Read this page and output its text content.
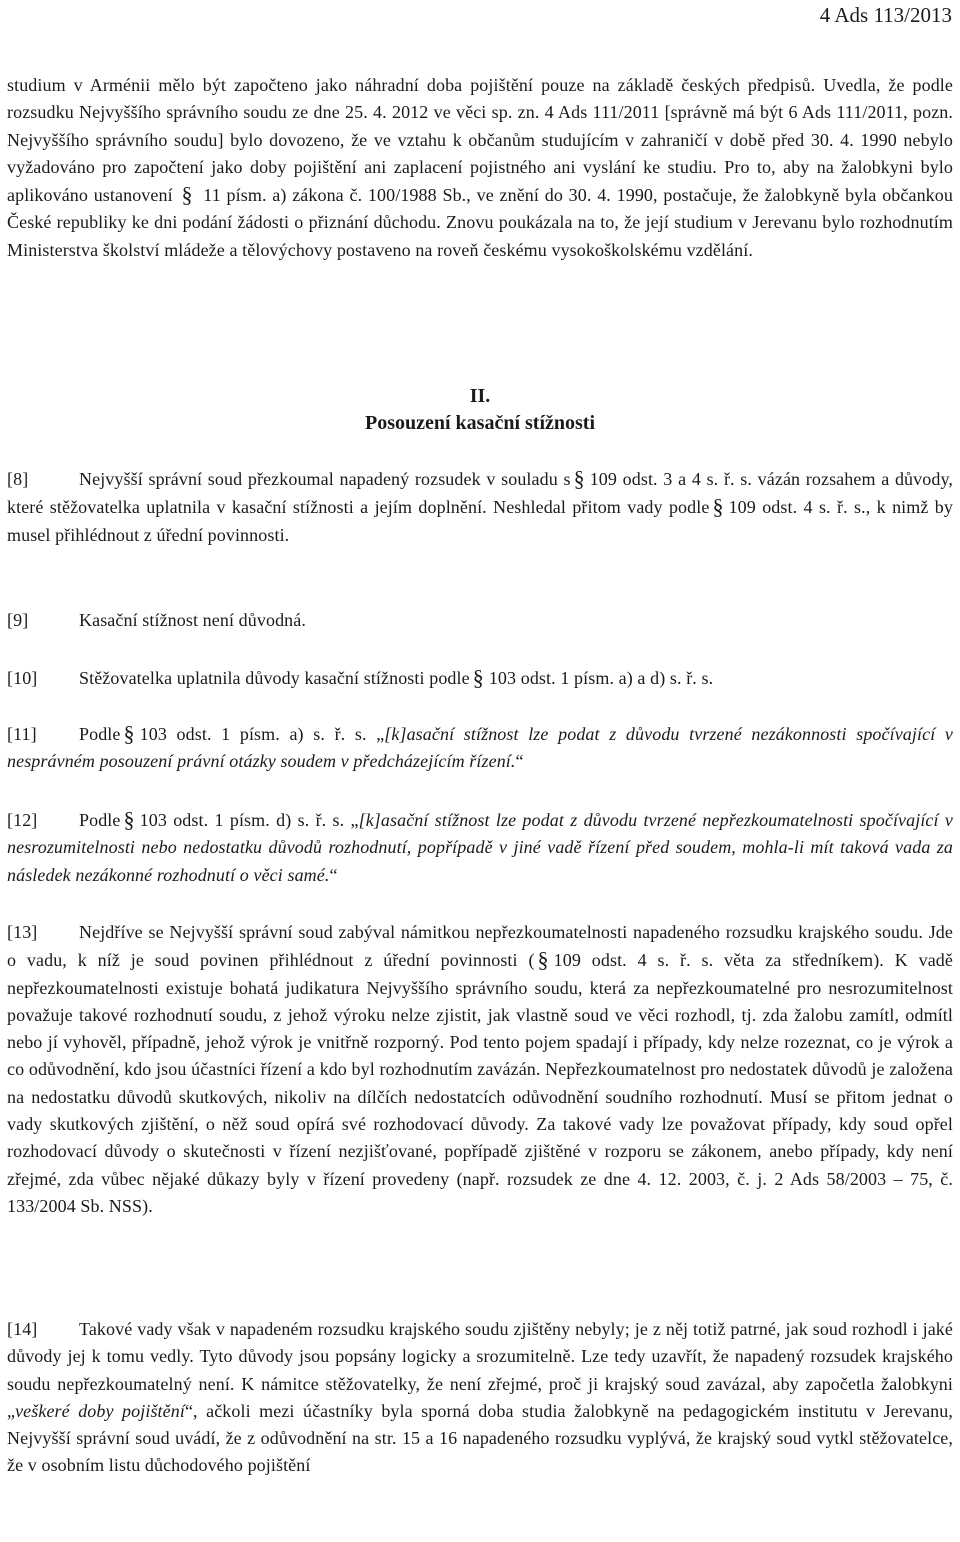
4 Ads 113/2013
studium v Arménii mělo být započteno jako náhradní doba pojištění pouze na základě českých předpisů. Uvedla, že podle rozsudku Nejvyššího správního soudu ze dne 25. 4. 2012 ve věci sp. zn. 4 Ads 111/2011 [správně má být 6 Ads 111/2011, pozn. Nejvyššího správního soudu] bylo dovozeno, že ve vztahu k občanům studujícím v zahraničí v době před 30. 4. 1990 nebylo vyžadováno pro započtení jako doby pojištění ani zaplacení pojistného ani vyslání ke studiu. Pro to, aby na žalobkyni bylo aplikováno ustanovení § 11 písm. a) zákona č. 100/1988 Sb., ve znění do 30. 4. 1990, postačuje, že žalobkyně byla občankou České republiky ke dni podání žádosti o přiznání důchodu. Znovu poukázala na to, že její studium v Jerevanu bylo rozhodnutím Ministerstva školství mládeže a tělovýchovy postaveno na roveň českému vysokoškolskému vzdělání.
II.
Posouzení kasační stížnosti
[8]	Nejvyšší správní soud přezkoumal napadený rozsudek v souladu s § 109 odst. 3 a 4 s. ř. s. vázán rozsahem a důvody, které stěžovatelka uplatnila v kasační stížnosti a jejím doplnění. Neshledal přitom vady podle § 109 odst. 4 s. ř. s., k nimž by musel přihlédnout z úřední povinnosti.
[9]	Kasační stížnost není důvodná.
[10] Stěžovatelka uplatnila důvody kasační stížnosti podle § 103 odst. 1 písm. a) a d) s. ř. s.
[11] Podle § 103 odst. 1 písm. a) s. ř. s. „[k]asační stížnost lze podat z důvodu tvrzené nezákonnosti spočívající v nesprávném posouzení právní otázky soudem v předcházejícím řízení.“
[12] Podle § 103 odst. 1 písm. d) s. ř. s. „[k]asační stížnost lze podat z důvodu tvrzené nepřezkoumatelnosti spočívající v nesrozumitelnosti nebo nedostatku důvodů rozhodnutí, popřípadě v jiné vadě řízení před soudem, mohla-li mít taková vada za následek nezákonné rozhodnutí o věci samé.“
[13] Nejdříve se Nejvyšší správní soud zabýval námitkou nepřezkoumatelnosti napadeného rozsudku krajského soudu. Jde o vadu, k níž je soud povinen přihlédnout z úřední povinnosti ( § 109 odst. 4 s. ř. s. věta za středníkem). K vadě nepřezkoumatelnosti existuje bohatá judikatura Nejvyššího správního soudu, která za nepřezkoumatelné pro nesrozumitelnost považuje takové rozhodnutí soudu, z jehož výroku nelze zjistit, jak vlastně soud ve věci rozhodl, tj. zda žalobu zamítl, odmítl nebo jí vyhověl, případně, jehož výrok je vnitřně rozporný. Pod tento pojem spadají i případy, kdy nelze rozeznat, co je výrok a co odůvodnění, kdo jsou účastníci řízení a kdo byl rozhodnutím zavázán. Nepřezkoumatelnost pro nedostatek důvodů je založena na nedostatku důvodů skutkových, nikoliv na dílčích nedostatcích odůvodnění soudního rozhodnutí. Musí se přitom jednat o vady skutkových zjištění, o něž soud opírá své rozhodovací důvody. Za takové vady lze považovat případy, kdy soud opřel rozhodovací důvody o skutečnosti v řízení nezjišťované, popřípadě zjištěné v rozporu se zákonem, anebo případy, kdy není zřejmé, zda vůbec nějaké důkazy byly v řízení provedeny (např. rozsudek ze dne 4. 12. 2003, č. j. 2 Ads 58/2003 – 75, č. 133/2004 Sb. NSS).
[14] Takové vady však v napadeném rozsudku krajského soudu zjištěny nebyly; je z něj totiž patrné, jak soud rozhodl i jaké důvody jej k tomu vedly. Tyto důvody jsou popsány logicky a srozumitelně. Lze tedy uzavřít, že napadený rozsudek krajského soudu nepřezkoumatelný není. K námitce stěžovatelky, že není zřejmé, proč ji krajský soud zavázal, aby započetla žalobkyni „veškeré doby pojištění“, ačkoli mezi účastníky byla sporná doba studia žalobkyně na pedagogickém institutu v Jerevanu, Nejvyšší správní soud uvádí, že z odůvodnění na str. 15 a 16 napadeného rozsudku vyplývá, že krajský soud vytkl stěžovatelce, že v osobním listu důchodového pojištění
